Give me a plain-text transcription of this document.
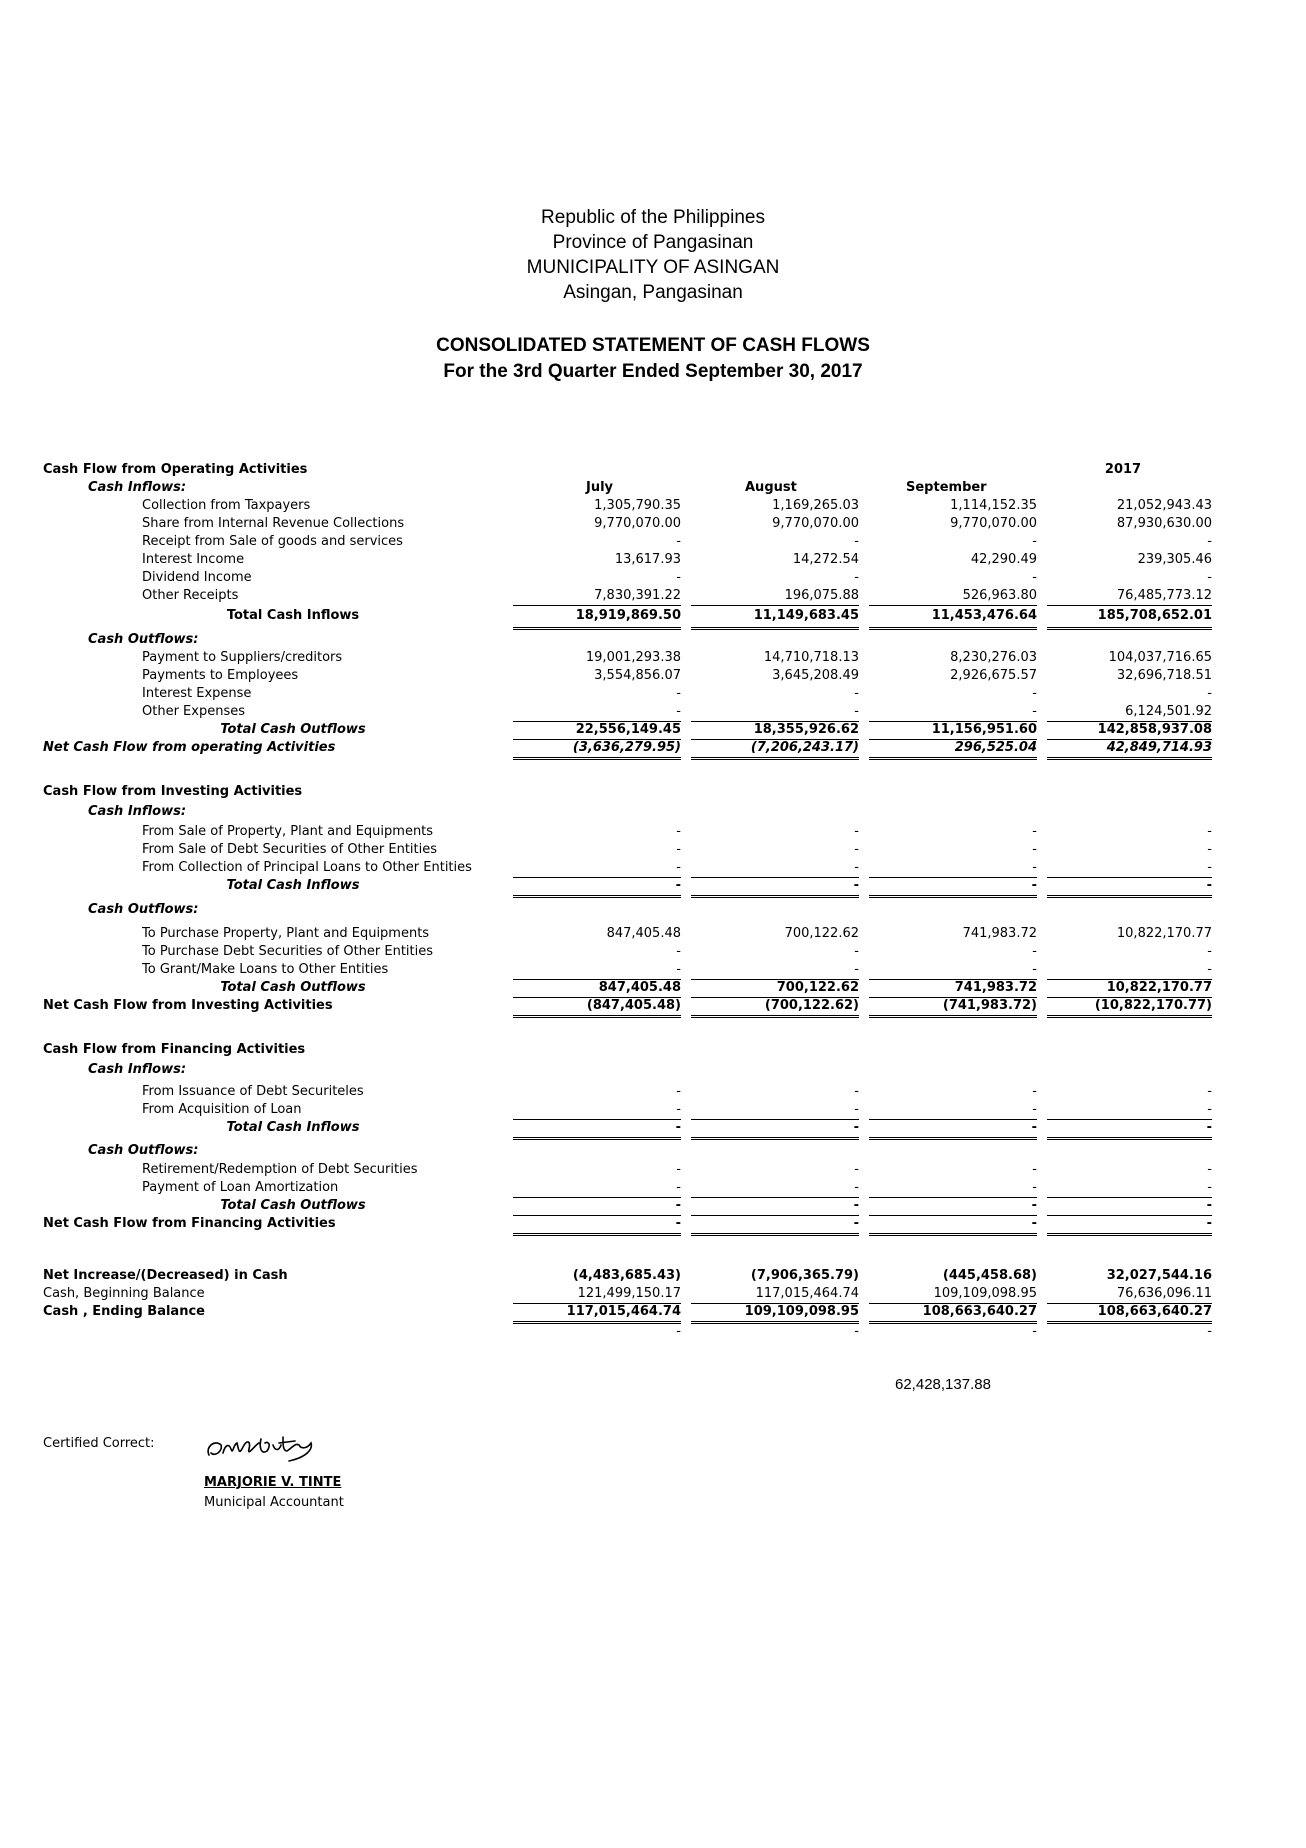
Republic of the Philippines
Province of Pangasinan
MUNICIPALITY OF ASINGAN
Asingan, Pangasinan
CONSOLIDATED STATEMENT OF CASH FLOWS
For the 3rd Quarter Ended September 30, 2017
Cash Flow from Operating Activities	2017
Cash Inflows:	July	August	September
Collection from Taxpayers	1,305,790.35	1,169,265.03	1,114,152.35	21,052,943.43
Share from Internal Revenue Collections	9,770,070.00	9,770,070.00	9,770,070.00	87,930,630.00
Receipt from Sale of goods and services	-	-	-	-
Interest Income	13,617.93	14,272.54	42,290.49	239,305.46
Dividend Income	-	-	-	-
Other Receipts	7,830,391.22	196,075.88	526,963.80	76,485,773.12
Total Cash Inflows	18,919,869.50	11,149,683.45	11,453,476.64	185,708,652.01
Cash Outflows:
Payment to Suppliers/creditors	19,001,293.38	14,710,718.13	8,230,276.03	104,037,716.65
Payments to Employees	3,554,856.07	3,645,208.49	2,926,675.57	32,696,718.51
Interest Expense	-	-	-	-
Other Expenses	-	-	-	6,124,501.92
Total Cash Outflows	22,556,149.45	18,355,926.62	11,156,951.60	142,858,937.08
Net Cash Flow from operating Activities	(3,636,279.95)	(7,206,243.17)	296,525.04	42,849,714.93
Cash Flow from Investing Activities
Cash Inflows:
From Sale of Property, Plant and Equipments	-	-	-	-
From Sale of Debt Securities of Other Entities	-	-	-	-
From Collection of Principal Loans to Other Entities	-	-	-	-
Total Cash Inflows	-	-	-	-
Cash Outflows:
To Purchase Property, Plant and Equipments	847,405.48	700,122.62	741,983.72	10,822,170.77
To Purchase Debt Securities of Other Entities	-	-	-	-
To Grant/Make Loans to Other Entities	-	-	-	-
Total Cash Outflows	847,405.48	700,122.62	741,983.72	10,822,170.77
Net Cash Flow from Investing Activities	(847,405.48)	(700,122.62)	(741,983.72)	(10,822,170.77)
Cash Flow from Financing Activities
Cash Inflows:
From Issuance of Debt Securiteles	-	-	-	-
From Acquisition of Loan	-	-	-	-
Total Cash Inflows	-	-	-	-
Cash Outflows:
Retirement/Redemption of Debt Securities	-	-	-	-
Payment of Loan Amortization	-	-	-	-
Total Cash Outflows	-	-	-	-
Net Cash Flow from Financing Activities	-	-	-	-
Net Increase/(Decreased) in Cash	(4,483,685.43)	(7,906,365.79)	(445,458.68)	32,027,544.16
Cash, Beginning Balance	121,499,150.17	117,015,464.74	109,109,098.95	76,636,096.11
Cash , Ending Balance	117,015,464.74	109,109,098.95	108,663,640.27	108,663,640.27
-	-	-	-
62,428,137.88
Certified Correct:
MARJORIE V. TINTE
Municipal Accountant
